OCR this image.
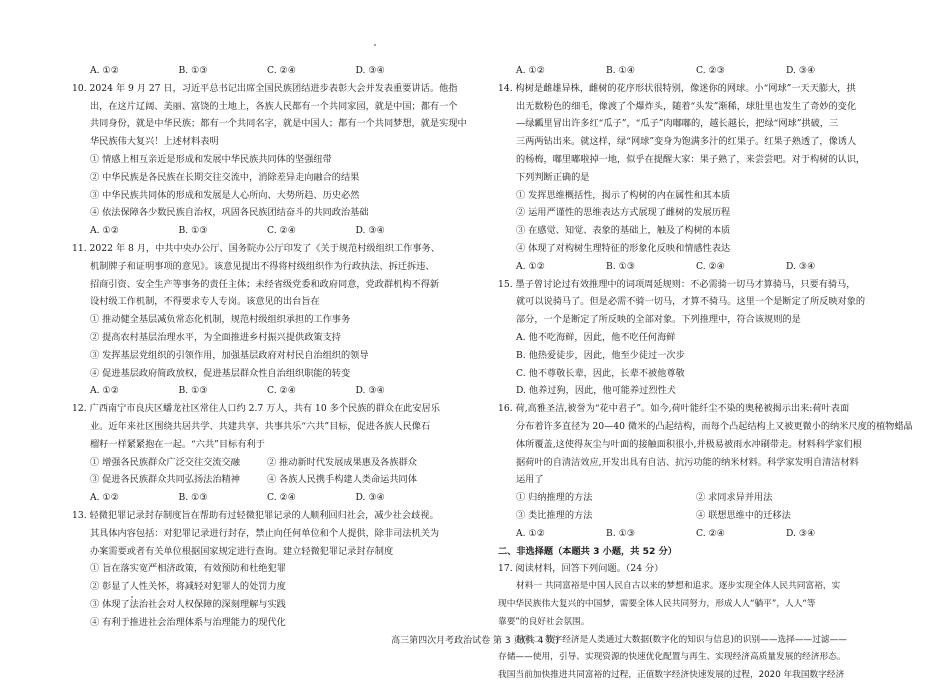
A. ①②	B. ①③	C. ②④	D. ③④
10. 2024 年 9 月 27 日，习近平总书记出席全国民族团结进步表彰大会并发表重要讲话。他指
出，在这片辽阔、美丽、富饶的土地上，各族人民都有一个共同家园，就是中国；都有一个
共同身份，就是中华民族；都有一个共同名字，就是中国人；都有一个共同梦想，就是实现中
华民族伟大复兴！上述材料表明
① 情感上相互亲近是形成和发展中华民族共同体的坚强纽带
② 中华民族是各民族在长期交往交流中，消除差异走向融合的结果
③ 中华民族共同体的形成和发展是人心所向、大势所趋、历史必然
④ 依法保障各少数民族自治权，巩固各民族团结奋斗的共同政治基础
A. ①②	B. ①③	C. ②④	D. ③④
11. 2022 年 8 月，中共中央办公厅、国务院办公厅印发了《关于规范村级组织工作事务、
机制牌子和证明事项的意见》。该意见提出不得将村级组织作为行政执法、拆迁拆违、
招商引资、安全生产等事务的责任主体；未经省级党委和政府同意，党政群机构不得新
设村级工作机制，不得要求专人专岗。该意见的出台旨在
① 推动健全基层减负常态化机制，规范村级组织承担的工作事务
② 提高农村基层治理水平，为全面推进乡村振兴提供政策支持
③ 发挥基层党组织的引领作用，加强基层政府对村民自治组织的领导
④ 促进基层政府简政放权，促进基层群众性自治组织职能的转变
A. ①②	B. ①③	C. ②④	D. ③④
12. 广西南宁市良庆区蟠龙社区常住人口约 2.7 万人，共有 10 多个民族的群众在此安居乐
业。近年来社区围绕共居共学、共建共享、共事共乐“六共”目标，促进各族人民像石
榴籽一样紧紧抱在一起。“六共”目标有利于
① 增强各民族群众广泛交往交流交融	② 推动新时代发展成果惠及各族群众
③ 促进各民族群众共同弘扬法治精神	④ 各族人民携手构建人类命运共同体
A. ①②	B. ①③	C. ②④	D. ③④
13. 轻微犯罪记录封存制度旨在帮助有过轻微犯罪记录的人顺利回归社会，减少社会歧视。
其具体内容包括：对犯罪记录进行封存，禁止向任何单位和个人提供，除非司法机关为
办案需要或者有关单位根据国家规定进行查询。建立轻微犯罪记录封存制度
① 旨在落实宽严相济政策，有效预防和杜绝犯罪
② 彰显了人性关怀，将减轻对犯罪人的处罚力度
③ 体现了法治社会对人权保障的深刻理解与实践
④ 有利于推进社会治理体系与治理能力的现代化
A. ①②	B. ①④	C. ②③	D. ③④
14. 构树是雌雄异株，雌树的花序形状很特别，像迷你的网球。小“网球”一天天膨大，拱
出无数粉色的细毛，像渡了个爆炸头，随着“头发”渐稀，球肚里也发生了奇妙的变化
—绿瓤里冒出许多红“瓜子”，“瓜子”肉嘟嘟的，越长越长，把绿“网球”拱破，三
三两两钻出来。就这样，绿“网球”变身为饱满多汁的红果子。红果子熟透了，像诱人
的杨梅，嘟里嘟啦掉一地，似乎在提醒大家：果子熟了，来尝尝吧。对于构树的认识，
下列判断正确的是
① 发挥思维概括性，揭示了构树的内在属性和其本质
② 运用严谨性的思维表达方式展现了雌树的发展历程
③ 在感觉、知觉、表象的基础上，触及了构树的本质
④ 体现了对构树生理特征的形象化反映和情感性表达
A. ①②	B. ①③	C. ②④	D. ③④
15. 墨子曾讨论过有效推理中的词项周延规则：不必需骑一切马才算骑马，只要有骑马，
就可以说骑马了。但是必需不骑一切马，才算不骑马。这里一个是断定了所反映对象的
部分，一个是断定了所反映的全部对象。下列推理中，符合该规则的是
A. 他不吃海鲜，因此，他不吃任何海鲜
B. 他热爱徒步，因此，他至少徒过一次步
C. 他不尊敬长辈，因此，长辈不被他尊敬
D. 他养过狗，因此，他可能养过烈性犬
16. 荷,高雅圣洁,被誉为“花中君子”。如今,荷叶能纤尘不染的奥秘被揭示出来:荷叶表面
分布着许多直径为 20—40 微米的凸起结构，而每个凸起结构上又被更微小的纳米尺度的植物蜡晶
体所覆盖,这使得灰尘与叶面的接触面积很小,并极易被雨水冲刷带走。材料科学家们根
据荷叶的自清洁效应,开发出具有自洁、抗污功能的纳米材料。科学家发明自清洁材料
运用了
① 归纳推理的方法	② 求同求异并用法
③ 类比推理的方法	④ 联想思维中的迁移法
A. ①②	B. ①③	C. ②④	D. ③④
二、非选择题（本题共 3 小题，共 52 分）
17. 阅读材料，回答下列问题。（24 分）
材料一 共同富裕是中国人民自古以来的梦想和追求。逐步实现全体人民共同富裕，实
现中华民族伟大复兴的中国梦，需要全体人民共同努力，形成人人“躺平”，人人“等
靠要”的良好社会氛围。
材料二 数字经济是人类通过大数据(数字化的知识与信息)的识别——选择——过滤——
存储——使用，引导、实现资源的快速优化配置与再生、实现经济高质量发展的经济形态。
我国当前加快推进共同富裕的过程，正值数字经济快速发展的过程，2020 年我国数字经济
高三第四次月考政治试卷 第 3 页(共 4 页)
